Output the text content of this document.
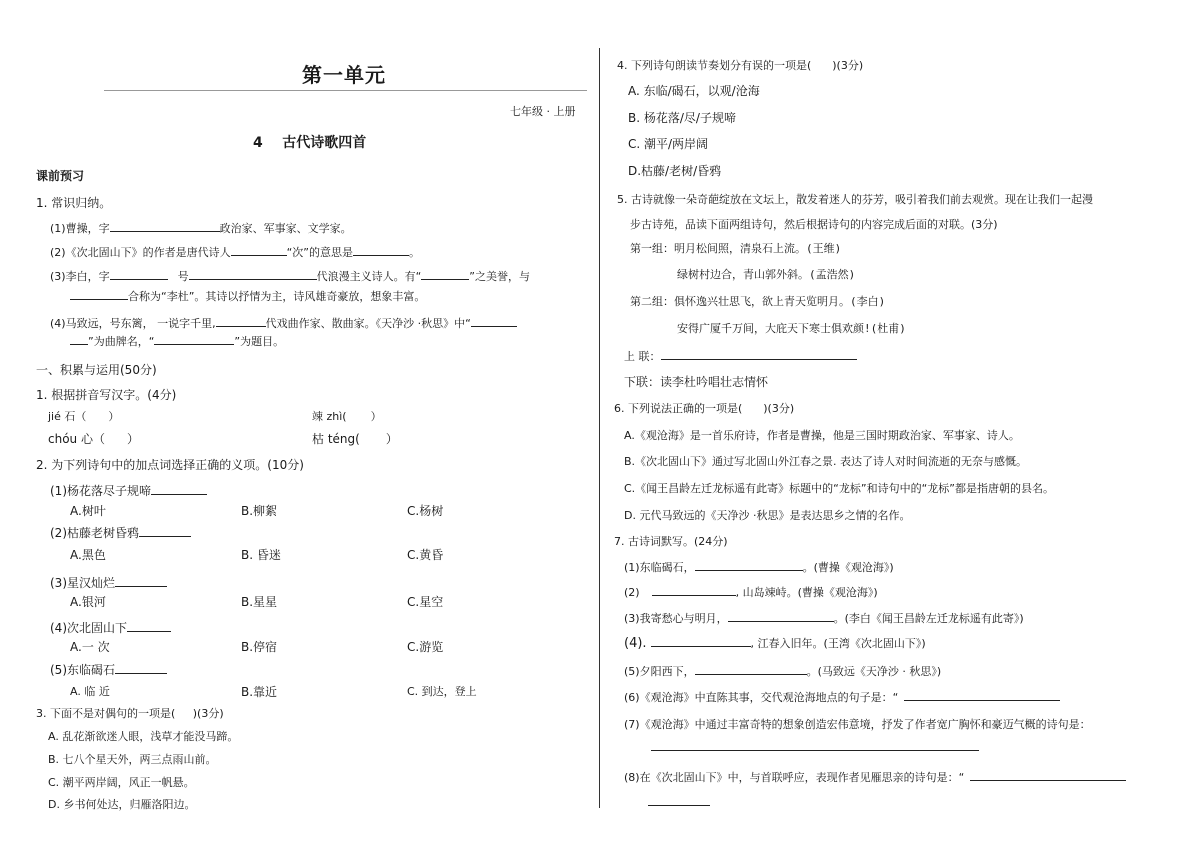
第一单元
七年级 · 上册
4    古代诗歌四首
课前预习
1. 常识归纳。
(1)曹操，字	政治家、军事家、文学家。
(2)《次北固山下》的作者是唐代诗人	“次”的意思是	。
(3)李白，字	号	代浪漫主义诗人。有“	”之美誉，与
合称为“李杜”。其诗以抒情为主，诗风雄奇豪放，想象丰富。
(4)马致远，号东篱， 一说字千里,	代戏曲作家、散曲家。《天净沙 ·秋思》中“
”为曲牌名，“	”为题目。
一、积累与运用(50分)
1. 根据拼音写汉字。(4分)
jié 石（ ）	竦 zhì( ）
chóu 心（ ）	枯 téng( ）
2. 为下列诗句中的加点词选择正确的义项。(10分)
(1)杨花落尽子规啼
A.树叶	B.柳絮	C.杨树
(2)枯藤老树昏鸦
A.黑色	B. 昏迷	C.黄昏
(3)星汉灿烂
A.银河	B.星星	C.星空
(4)次北固山下
A.一 次	B.停宿	C.游览
(5)东临碣石
A. 临 近	B.靠近	C. 到达，登上
3. 下面不是对偶句的一项是(     )(3分)
A. 乱花渐欲迷人眼，浅草才能没马蹄。
B. 七八个星天外，两三点雨山前。
C. 潮平两岸阔，风正一帆悬。
D. 乡书何处达，归雁洛阳边。
4. 下列诗句朗读节奏划分有误的一项是(      )(3分)
A. 东临/碣石，以观/沧海
B. 杨花落/尽/子规啼
C. 潮平/两岸阔
D.枯藤/老树/昏鸦
5. 古诗就像一朵奇葩绽放在文坛上，散发着迷人的芬芳，吸引着我们前去观赏。现在让我们一起漫
步古诗苑，品读下面两组诗句，然后根据诗句的内容完成后面的对联。(3分)
第一组：明月松间照，清泉石上流。(王维)
绿树村边合，青山郭外斜。(孟浩然)
第二组：俱怀逸兴壮思飞，欲上青天览明月。(李白)
安得广厦千万间，大庇天下寒士俱欢颜!(杜甫)
上 联：
下联：读李杜吟唱壮志情怀
6. 下列说法正确的一项是(      )(3分)
A.《观沧海》是一首乐府诗，作者是曹操，他是三国时期政治家、军事家、诗人。
B.《次北固山下》通过写北固山外江春之景. 表达了诗人对时间流逝的无奈与感慨。
C.《闻王昌龄左迁龙标遥有此寄》标题中的“龙标”和诗句中的“龙标”都是指唐朝的县名。
D. 元代马致远的《天净沙 ·秋思》是表达思乡之情的名作。
7. 古诗词默写。(24分)
(1)东临碣石，	。(曹操《观沧海》)
(2)	, 山岛竦峙。(曹操《观沧海》)
(3)我寄愁心与明月，	。(李白《闻王昌龄左迁龙标遥有此寄》)
(4).	, 江春入旧年。(王湾《次北固山下》)
(5)夕阳西下，	。(马致远《天净沙 · 秋思》)
(6)《观沧海》中直陈其事，交代观沧海地点的句子是：“
(7)《观沧海》中通过丰富奇特的想象创造宏伟意境，抒发了作者宽广胸怀和豪迈气概的诗句是：
(8)在《次北固山下》中，与首联呼应，表现作者见雁思亲的诗句是：“
